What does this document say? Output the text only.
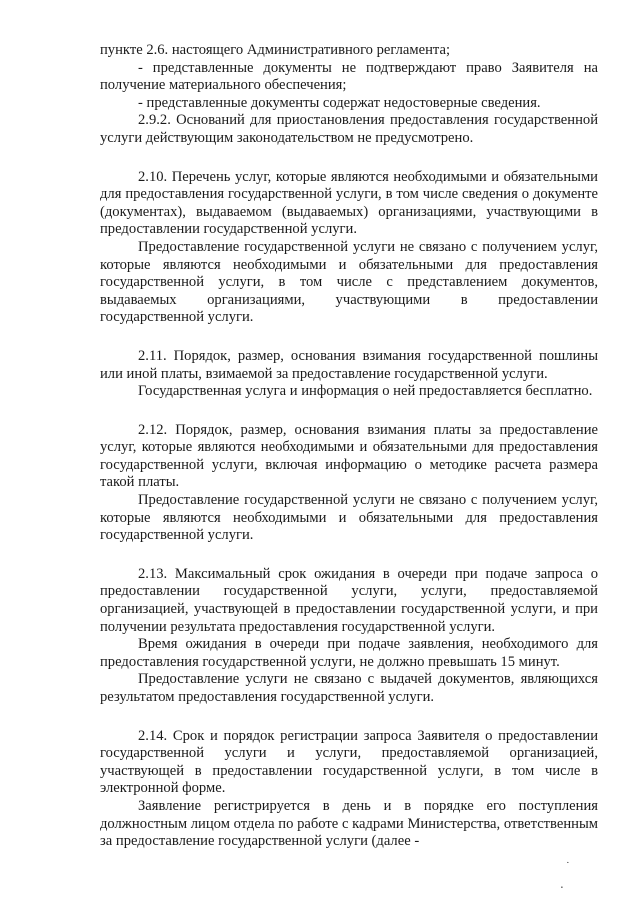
пункте 2.6. настоящего Административного регламента;

- представленные документы не подтверждают право Заявителя на получение материального обеспечения;

- представленные документы содержат недостоверные сведения.

2.9.2. Оснований для приостановления предоставления государственной услуги действующим законодательством не предусмотрено.

2.10. Перечень услуг, которые являются необходимыми и обязательными для предоставления государственной услуги, в том числе сведения о документе (документах), выдаваемом (выдаваемых) организациями, участвующими в предоставлении государственной услуги.

Предоставление государственной услуги не связано с получением услуг, которые являются необходимыми и обязательными для предоставления государственной услуги, в том числе с представлением документов, выдаваемых организациями, участвующими в предоставлении государственной услуги.

2.11. Порядок, размер, основания взимания государственной пошлины или иной платы, взимаемой за предоставление государственной услуги.

Государственная услуга и информация о ней предоставляется бесплатно.

2.12. Порядок, размер, основания взимания платы за предоставление услуг, которые являются необходимыми и обязательными для предоставления государственной услуги, включая информацию о методике расчета размера такой платы.

Предоставление государственной услуги не связано с получением услуг, которые являются необходимыми и обязательными для предоставления государственной услуги.

2.13. Максимальный срок ожидания в очереди при подаче запроса о предоставлении государственной услуги, услуги, предоставляемой организацией, участвующей в предоставлении государственной услуги, и при получении результата предоставления государственной услуги.

Время ожидания в очереди при подаче заявления, необходимого для предоставления государственной услуги, не должно превышать 15 минут.

Предоставление услуги не связано с выдачей документов, являющихся результатом предоставления государственной услуги.

2.14. Срок и порядок регистрации запроса Заявителя о предоставлении государственной услуги и услуги, предоставляемой организацией, участвующей в предоставлении государственной услуги, в том числе в электронной форме.

Заявление регистрируется в день и в порядке его поступления должностным лицом отдела по работе с кадрами Министерства, ответственным за предоставление государственной услуги (далее -

˙
⋅
